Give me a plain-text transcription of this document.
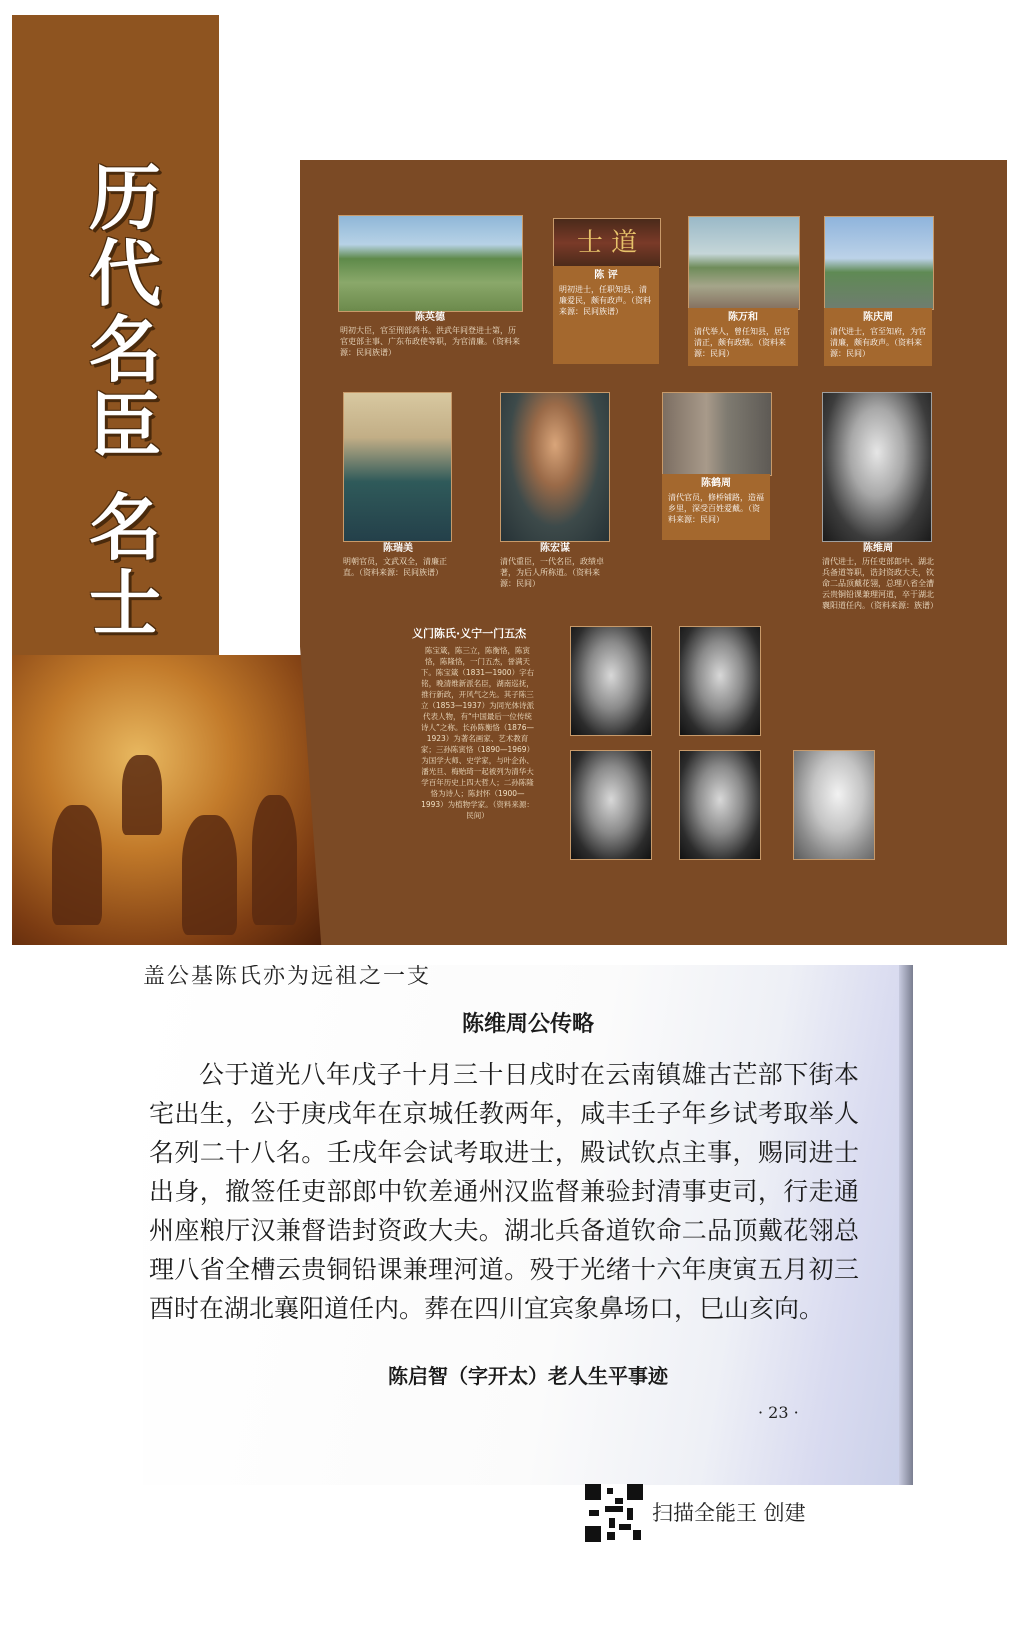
历
代
名
臣
名
士
陈英德
明初大臣，官至刑部尚书。洪武年间登进士第，历官吏部主事、广东布政使等职，为官清廉。（资料来源：民间族谱）
士 道
陈 评
明初进士，任职知县，清廉爱民，颇有政声。（资料来源：民间族谱）
陈万和
清代举人，曾任知县，居官清正，颇有政绩。（资料来源：民间）
陈庆周
清代进士，官至知府，为官清廉，颇有政声。（资料来源：民间）
陈瑞美
明朝官员，文武双全，清廉正直。（资料来源：民间族谱）
陈宏谋
清代重臣，一代名臣，政绩卓著，为后人所称道。（资料来源：民间）
陈鹤周
清代官员，修桥铺路，造福乡里，深受百姓爱戴。（资料来源：民间）
陈维周
清代进士，历任吏部郎中、湖北兵备道等职，诰封资政大夫，钦命二品顶戴花翎，总理八省全漕云贵铜铅课兼理河道，卒于湖北襄阳道任内。（资料来源：族谱）
义门陈氏·义宁一门五杰
陈宝箴，陈三立，陈衡恪，陈寅恪，陈隆恪，一门五杰，誉满天下。陈宝箴（1831—1900）字右铭，晚清维新派名臣，湖南巡抚，推行新政，开风气之先。其子陈三立（1853—1937）为同光体诗派代表人物，有“中国最后一位传统诗人”之称。长孙陈衡恪（1876—1923）为著名画家、艺术教育家；三孙陈寅恪（1890—1969）为国学大师、史学家，与叶企孙、潘光旦、梅贻琦一起被列为清华大学百年历史上四大哲人；二孙陈隆恪为诗人；陈封怀（1900—1993）为植物学家。（资料来源：民间）
盖公基陈氏亦为远祖之一支
陈维周公传略

公于道光八年戊子十月三十日戌时在云南镇雄古芒部下街本宅出生，公于庚戌年在京城任教两年，咸丰壬子年乡试考取举人名列二十八名。壬戌年会试考取进士，殿试钦点主事，赐同进士出身，撤签任吏部郎中钦差通州汉监督兼验封清事吏司，行走通州座粮厅汉兼督诰封资政大夫。湖北兵备道钦命二品顶戴花翎总理八省全槽云贵铜铅课兼理河道。殁于光绪十六年庚寅五月初三酉时在湖北襄阳道任内。葬在四川宜宾象鼻场口，巳山亥向。

陈启智（字开太）老人生平事迹
· 23 ·
扫描全能王 创建
